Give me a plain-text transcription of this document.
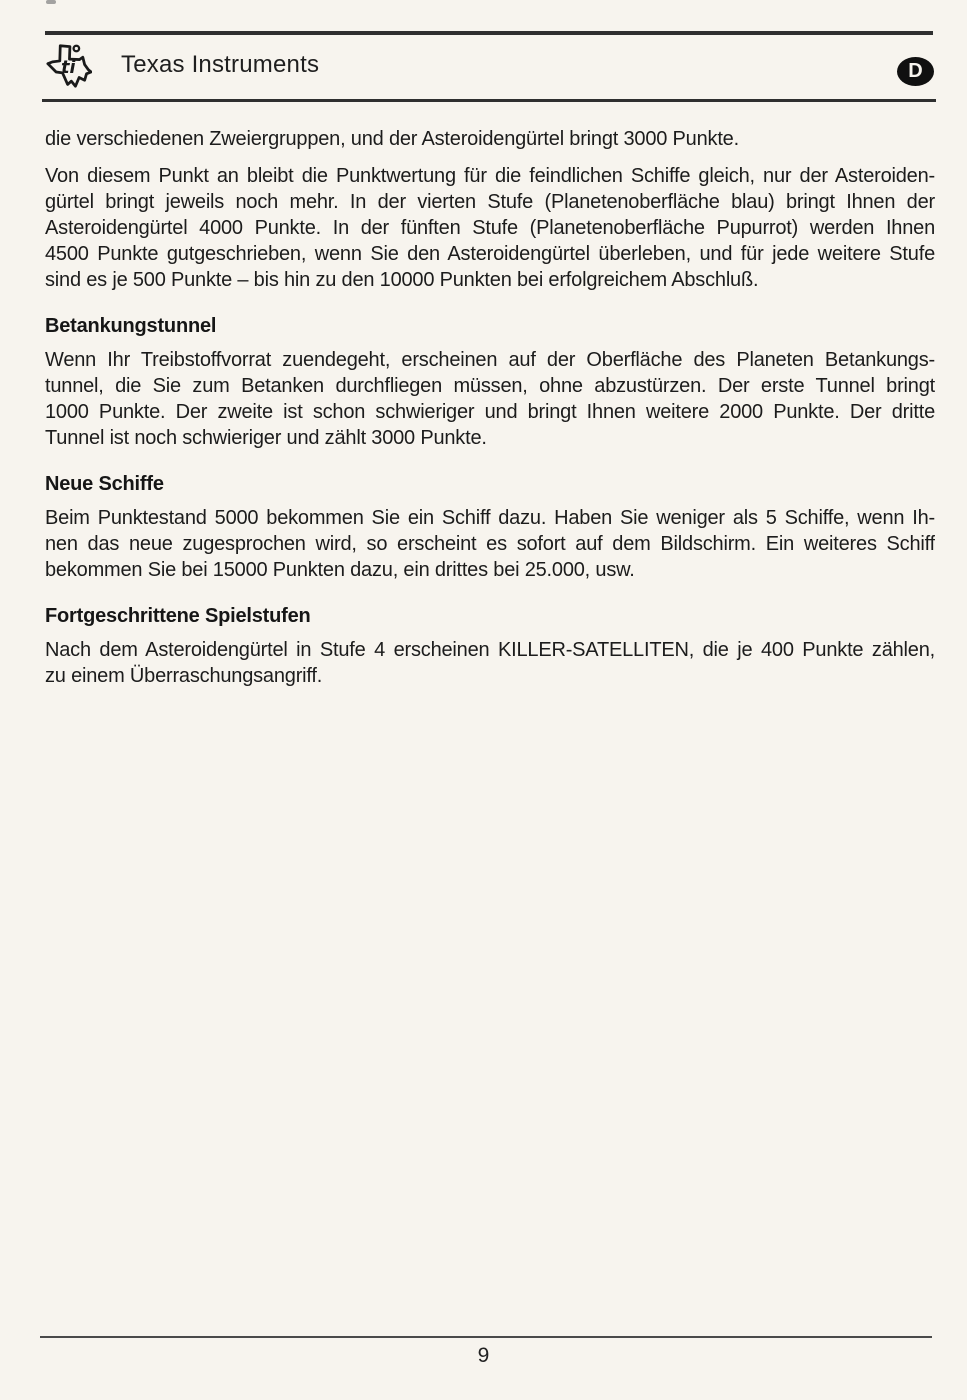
ti Texas Instruments	D

die verschiedenen Zweiergruppen, und der Asteroidengürtel bringt 3000 Punkte.

Von diesem Punkt an bleibt die Punktwertung für die feindlichen Schiffe gleich, nur der Asteroiden-
gürtel bringt jeweils noch mehr. In der vierten Stufe (Planetenoberfläche blau) bringt Ihnen der
Asteroidengürtel 4000 Punkte. In der fünften Stufe (Planetenoberfläche Pupurrot) werden Ihnen
4500 Punkte gutgeschrieben, wenn Sie den Asteroidengürtel überleben, und für jede weitere Stufe
sind es je 500 Punkte – bis hin zu den 10000 Punkten bei erfolgreichem Abschluß.

Betankungstunnel

Wenn Ihr Treibstoffvorrat zuendegeht, erscheinen auf der Oberfläche des Planeten Betankungs-
tunnel, die Sie zum Betanken durchfliegen müssen, ohne abzustürzen. Der erste Tunnel bringt
1000 Punkte. Der zweite ist schon schwieriger und bringt Ihnen weitere 2000 Punkte. Der dritte
Tunnel ist noch schwieriger und zählt 3000 Punkte.

Neue Schiffe

Beim Punktestand 5000 bekommen Sie ein Schiff dazu. Haben Sie weniger als 5 Schiffe, wenn Ih-
nen das neue zugesprochen wird, so erscheint es sofort auf dem Bildschirm. Ein weiteres Schiff
bekommen Sie bei 15000 Punkten dazu, ein drittes bei 25.000, usw.

Fortgeschrittene Spielstufen

Nach dem Asteroidengürtel in Stufe 4 erscheinen KILLER-SATELLITEN, die je 400 Punkte zählen,
zu einem Überraschungsangriff.

9
